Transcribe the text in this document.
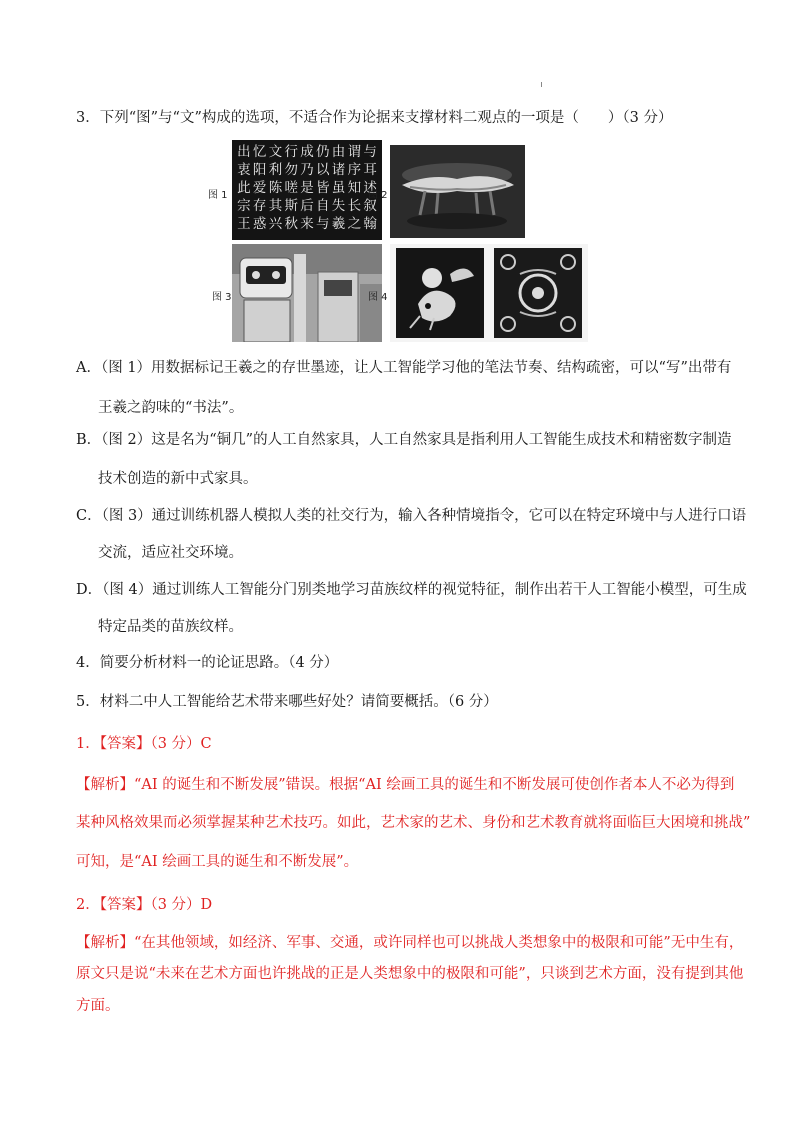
3．下列“图”与“文”构成的选项，不适合作为论据来支撑材料二观点的一项是（　　）（3 分）
图 1
出 忆 文 行 成 仍 由 谓 与
衷 阳 利 勿 乃 以 诸 序 耳
此 爱 陈 嗟 是 皆 虽 知 述
宗 存 其 斯 后 自 失 长 叙
王 惑 兴 秋 来 与 羲 之 翰
图 2
图 3	图 4
A．（图 1）用数据标记王羲之的存世墨迹，让人工智能学习他的笔法节奏、结构疏密，可以“写”出带有
王羲之韵味的“书法”。
B．（图 2）这是名为“铜几”的人工自然家具，人工自然家具是指利用人工智能生成技术和精密数字制造
技术创造的新中式家具。
C．（图 3）通过训练机器人模拟人类的社交行为，输入各种情境指令，它可以在特定环境中与人进行口语
交流，适应社交环境。
D．（图 4）通过训练人工智能分门别类地学习苗族纹样的视觉特征，制作出若干人工智能小模型，可生成
特定品类的苗族纹样。
4．简要分析材料一的论证思路。（4 分）
5．材料二中人工智能给艺术带来哪些好处？请简要概括。（6 分）
1．【答案】（3 分）C
【解析】“AI 的诞生和不断发展”错误。根据“AI 绘画工具的诞生和不断发展可使创作者本人不必为得到
某种风格效果而必须掌握某种艺术技巧。如此，艺术家的艺术、身份和艺术教育就将面临巨大困境和挑战”
可知，是“AI 绘画工具的诞生和不断发展”。
2．【答案】（3 分）D
【解析】“在其他领域，如经济、军事、交通，或许同样也可以挑战人类想象中的极限和可能”无中生有，
原文只是说“未来在艺术方面也许挑战的正是人类想象中的极限和可能”，只谈到艺术方面，没有提到其他
方面。
